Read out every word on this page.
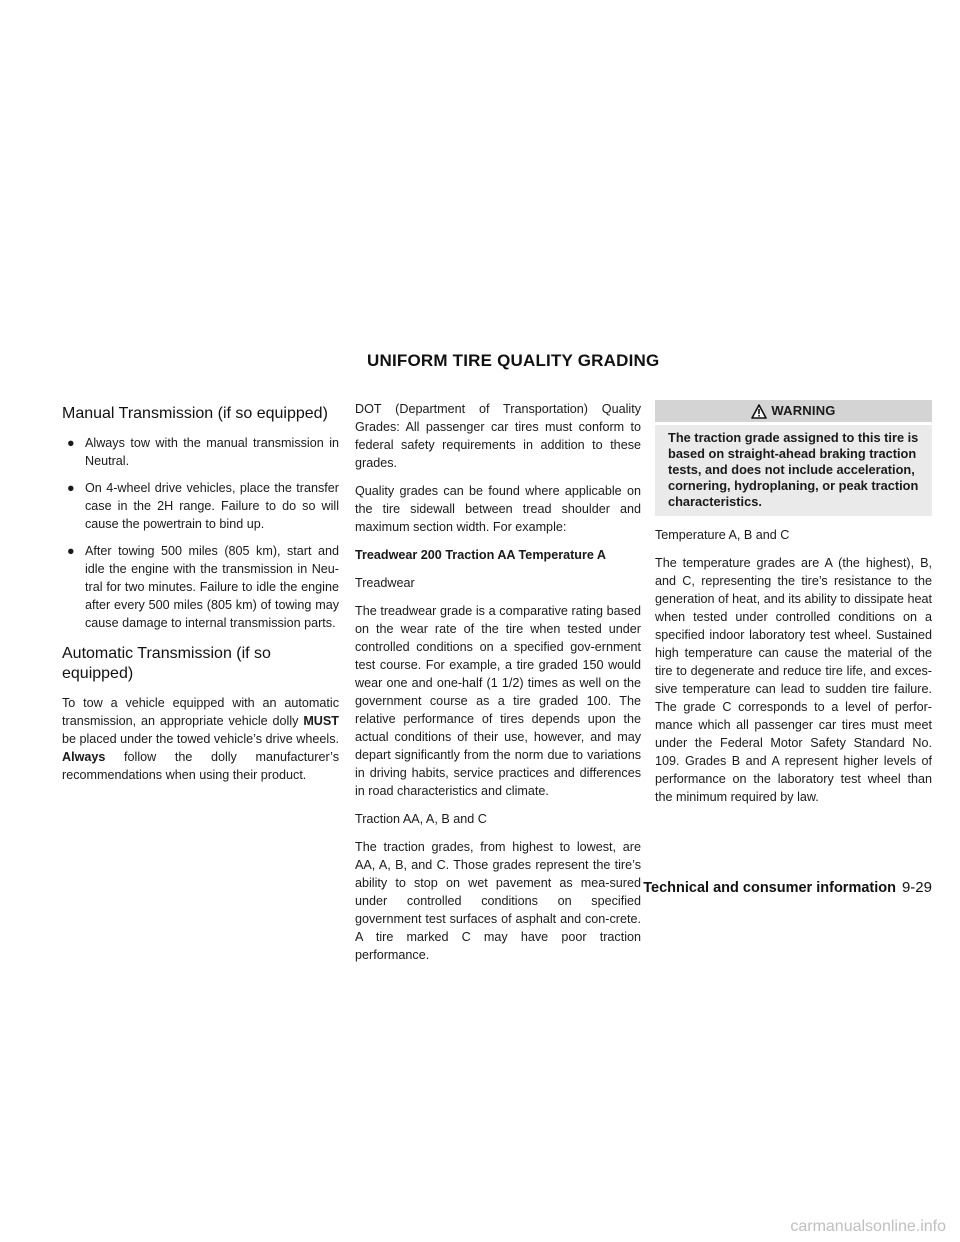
UNIFORM TIRE QUALITY GRADING
Manual Transmission (if so equipped)
● Always tow with the manual transmission in Neutral.
● On 4-wheel drive vehicles, place the transfer case in the 2H range. Failure to do so will cause the powertrain to bind up.
● After towing 500 miles (805 km), start and idle the engine with the transmission in Neu-tral for two minutes. Failure to idle the engine after every 500 miles (805 km) of towing may cause damage to internal transmission parts.
Automatic Transmission (if so equipped)

To tow a vehicle equipped with an automatic transmission, an appropriate vehicle dolly MUST be placed under the towed vehicle’s drive wheels. Always follow the dolly manufacturer’s recommendations when using their product.

DOT (Department of Transportation) Quality Grades: All passenger car tires must conform to federal safety requirements in addition to these grades.

Quality grades can be found where applicable on the tire sidewall between tread shoulder and maximum section width. For example:

Treadwear 200 Traction AA Temperature A

Treadwear

The treadwear grade is a comparative rating based on the wear rate of the tire when tested under controlled conditions on a specified gov-ernment test course. For example, a tire graded 150 would wear one and one-half (1 1/2) times as well on the government course as a tire graded 100. The relative performance of tires depends upon the actual conditions of their use, however, and may depart significantly from the norm due to variations in driving habits, service practices and differences in road characteristics and climate.

Traction AA, A, B and C

The traction grades, from highest to lowest, are AA, A, B, and C. Those grades represent the tire’s ability to stop on wet pavement as mea-sured under controlled conditions on specified government test surfaces of asphalt and con-crete. A tire marked C may have poor traction performance.

WARNING
The traction grade assigned to this tire is based on straight-ahead braking traction tests, and does not include acceleration, cornering, hydroplaning, or peak traction characteristics.

Temperature A, B and C

The temperature grades are A (the highest), B, and C, representing the tire’s resistance to the generation of heat, and its ability to dissipate heat when tested under controlled conditions on a specified indoor laboratory test wheel. Sustained high temperature can cause the material of the tire to degenerate and reduce tire life, and exces-sive temperature can lead to sudden tire failure. The grade C corresponds to a level of perfor-mance which all passenger car tires must meet under the Federal Motor Safety Standard No. 109. Grades B and A represent higher levels of performance on the laboratory test wheel than the minimum required by law.

Technical and consumer information 9-29
carmanualsonline.info
